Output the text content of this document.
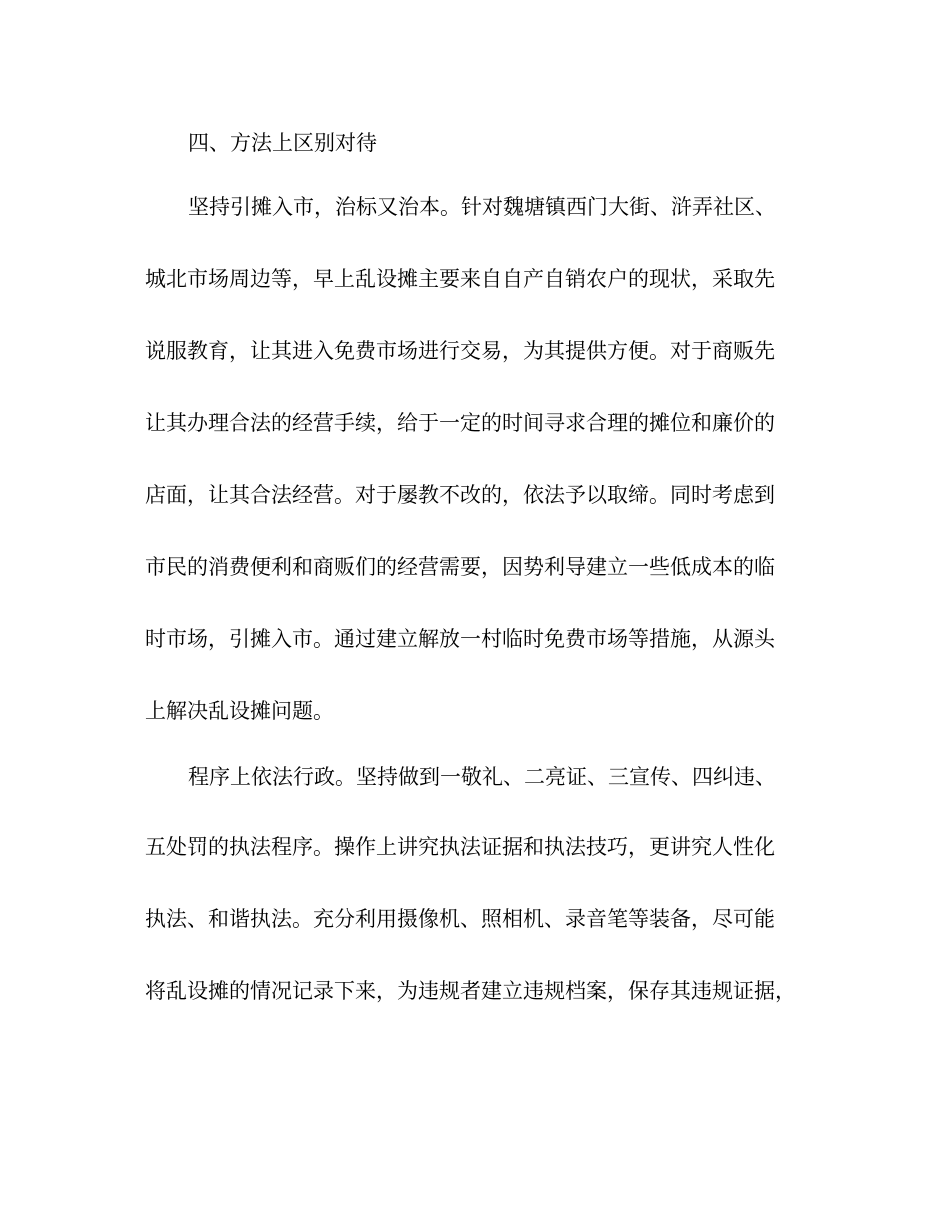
四、方法上区别对待

坚持引摊入市，治标又治本。针对魏塘镇西门大街、浒弄社区、

城北市场周边等，早上乱设摊主要来自自产自销农户的现状，采取先

说服教育，让其进入免费市场进行交易，为其提供方便。对于商贩先

让其办理合法的经营手续，给于一定的时间寻求合理的摊位和廉价的

店面，让其合法经营。对于屡教不改的，依法予以取缔。同时考虑到

市民的消费便利和商贩们的经营需要，因势利导建立一些低成本的临

时市场，引摊入市。通过建立解放一村临时免费市场等措施，从源头

上解决乱设摊问题。

程序上依法行政。坚持做到一敬礼、二亮证、三宣传、四纠违、

五处罚的执法程序。操作上讲究执法证据和执法技巧，更讲究人性化

执法、和谐执法。充分利用摄像机、照相机、录音笔等装备，尽可能

将乱设摊的情况记录下来，为违规者建立违规档案，保存其违规证据，
